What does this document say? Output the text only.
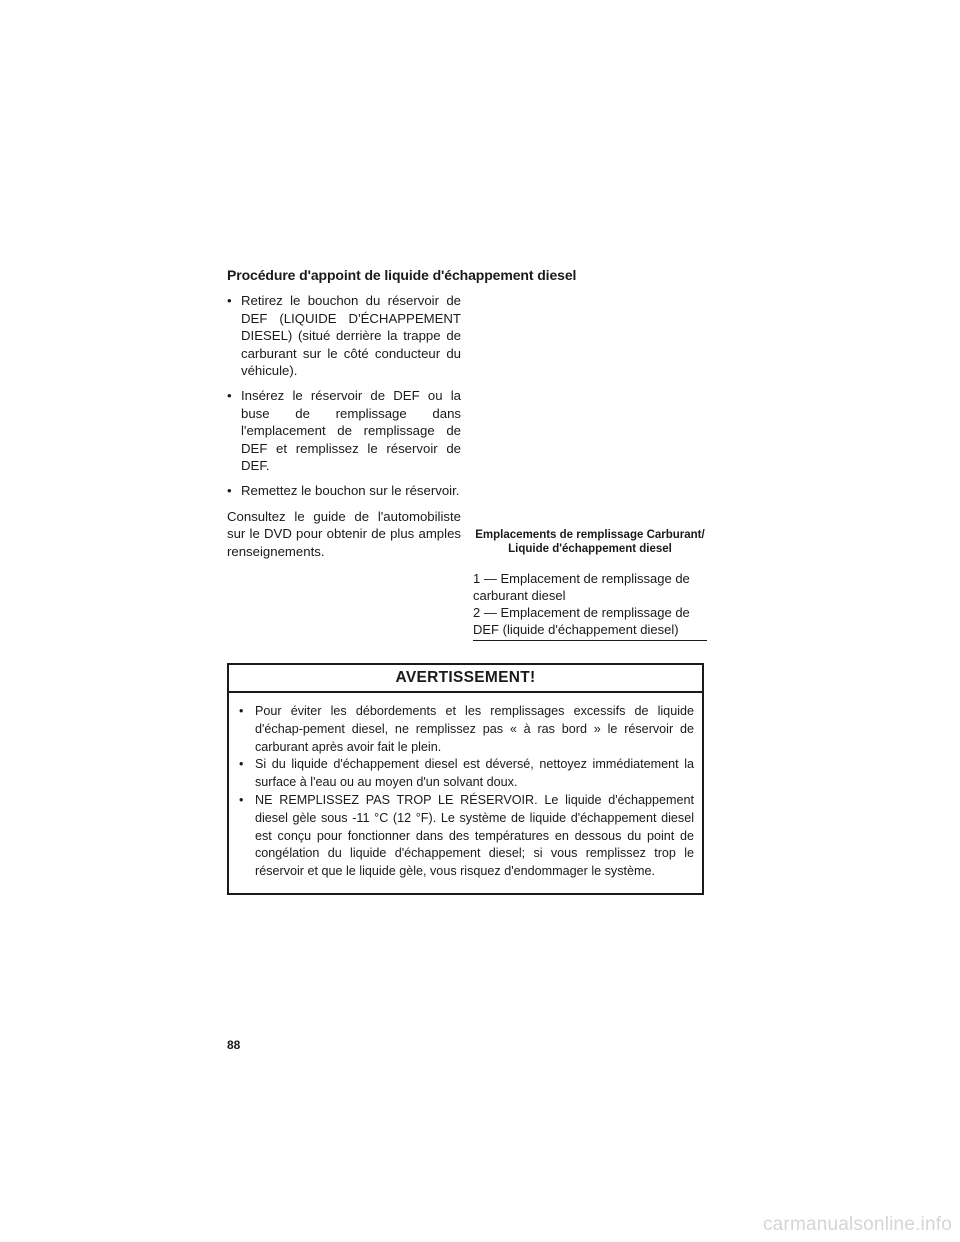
Procédure d'appoint de liquide d'échappement diesel
• Retirez le bouchon du réservoir de DEF (LIQUIDE D'ÉCHAPPEMENT DIESEL) (situé derrière la trappe de carburant sur le côté conducteur du véhicule).
• Insérez le réservoir de DEF ou la buse de remplissage dans l'emplacement de remplissage de DEF et remplissez le réservoir de DEF.
• Remettez le bouchon sur le réservoir.

Consultez le guide de l'automobiliste sur le DVD pour obtenir de plus amples renseignements.

Emplacements de remplissage Carburant/
Liquide d'échappement diesel
1 — Emplacement de remplissage de carburant diesel
2 — Emplacement de remplissage de DEF (liquide d'échappement diesel)
AVERTISSEMENT!
• Pour éviter les débordements et les remplissages excessifs de liquide d'échap-pement diesel, ne remplissez pas « à ras bord » le réservoir de carburant après avoir fait le plein.
• Si du liquide d'échappement diesel est déversé, nettoyez immédiatement la surface à l'eau ou au moyen d'un solvant doux.
• NE REMPLISSEZ PAS TROP LE RÉSERVOIR. Le liquide d'échappement diesel gèle sous -11 °C (12 °F). Le système de liquide d'échappement diesel est conçu pour fonctionner dans des températures en dessous du point de congélation du liquide d'échappement diesel; si vous remplissez trop le réservoir et que le liquide gèle, vous risquez d'endommager le système.
88
carmanualsonline.info
